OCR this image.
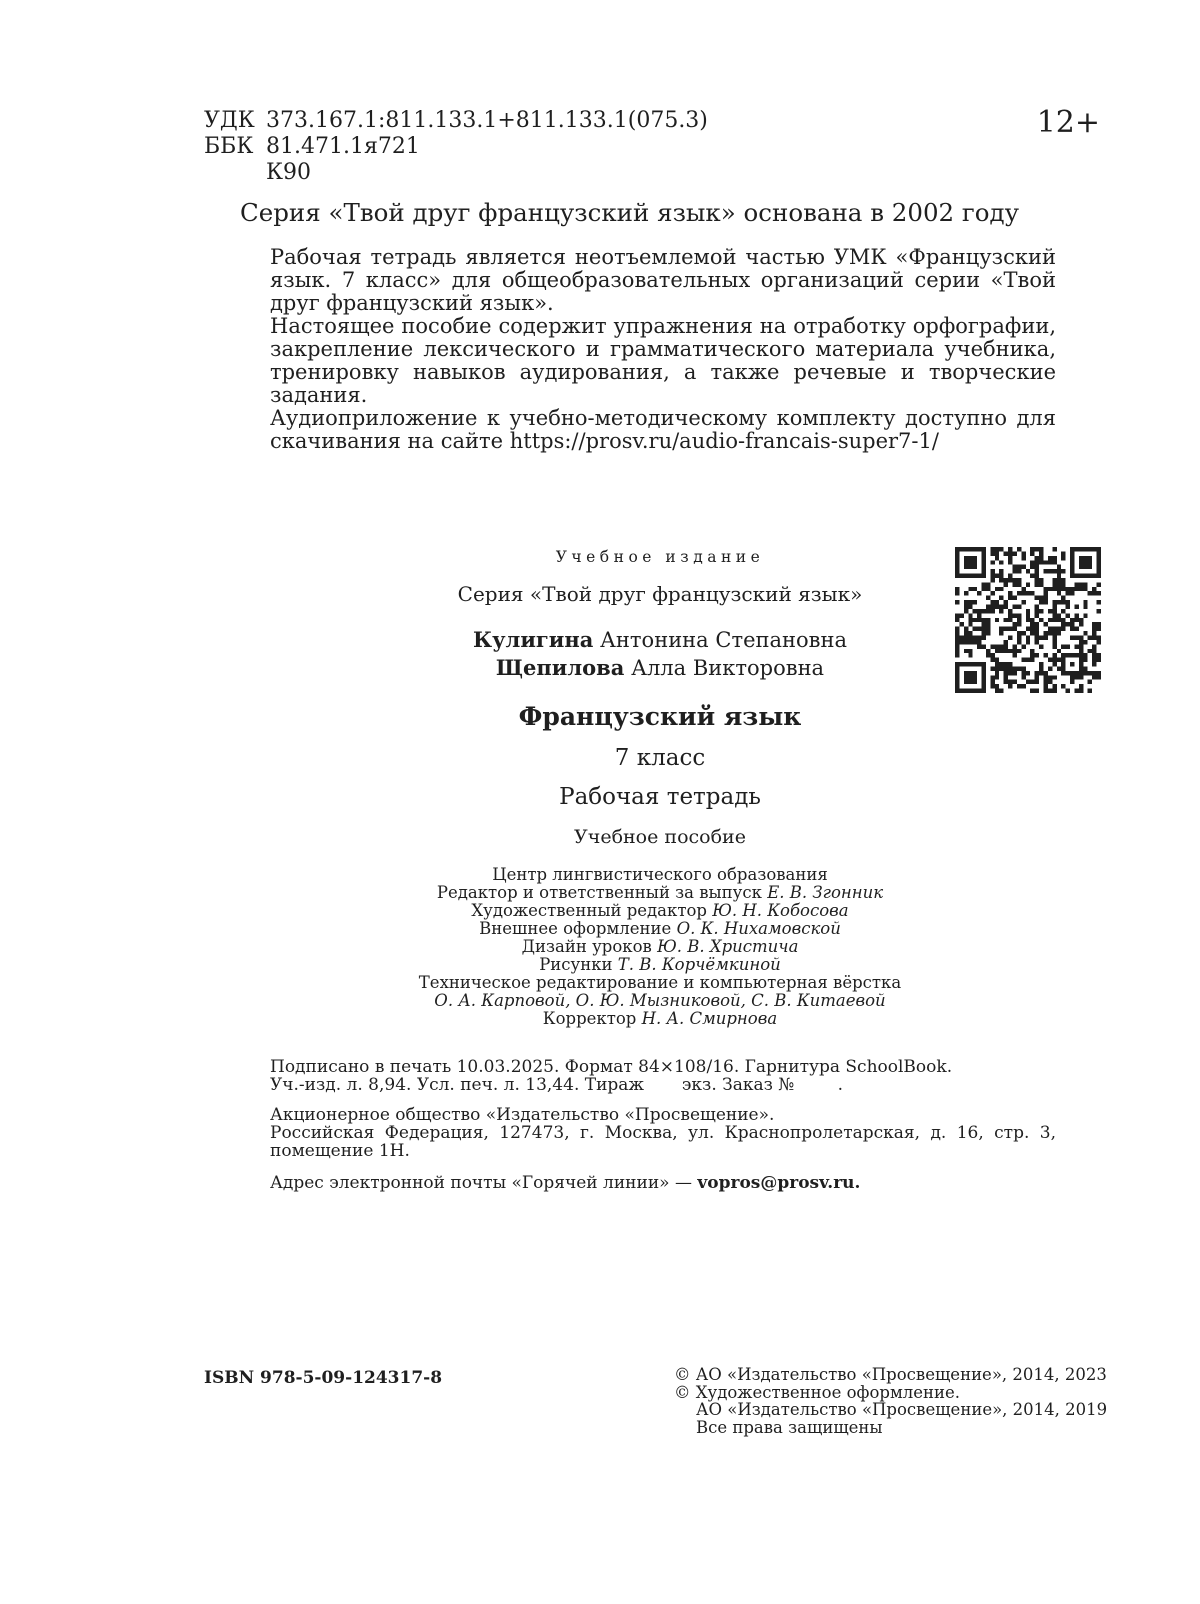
УДК 373.167.1:811.133.1+811.133.1(075.3)
ББК 81.471.1я721
К90
12+
Серия «Твой друг французский язык» основана в 2002 году

Рабочая тетрадь является неотъемлемой частью УМК «Французский язык. 7 класс» для общеобразовательных организаций серии «Твой друг французский язык».

Настоящее пособие содержит упражнения на отработку орфографии, закрепление лексического и грамматического материала учебника, тренировку навыков аудирования, а также речевые и творческие задания.

Аудиоприложение к учебно-методическому комплекту доступно для скачивания на сайте https://prosv.ru/audio-francais-super7-1/

Учебное издание
Серия «Твой друг французский язык»
Кулигина Антонина Степановна
Щепилова Алла Викторовна
Французский язык
7 класс
Рабочая тетрадь
Учебное пособие
Центр лингвистического образования
Редактор и ответственный за выпуск Е. В. Згонник
Художественный редактор Ю. Н. Кобосова
Внешнее оформление О. К. Нихамовской
Дизайн уроков Ю. В. Христича
Рисунки Т. В. Корчёмкиной
Техническое редактирование и компьютерная вёрстка
О. А. Карповой, О. Ю. Мызниковой, С. В. Китаевой
Корректор Н. А. Смирнова

Подписано в печать 10.03.2025. Формат 84×108/16. Гарнитура SchoolBook.

Уч.-изд. л. 8,94. Усл. печ. л. 13,44. Тираж       экз. Заказ №        .

Акционерное общество «Издательство «Просвещение».

Российская Федерация, 127473, г. Москва, ул. Краснопролетарская, д. 16, стр. 3, помещение 1Н.

Адрес электронной почты «Горячей линии» — vopros@prosv.ru.
ISBN 978-5-09-124317-8	© АО «Издательство «Просвещение», 2014, 2023
© Художественное оформление.
АО «Издательство «Просвещение», 2014, 2019
Все права защищены
